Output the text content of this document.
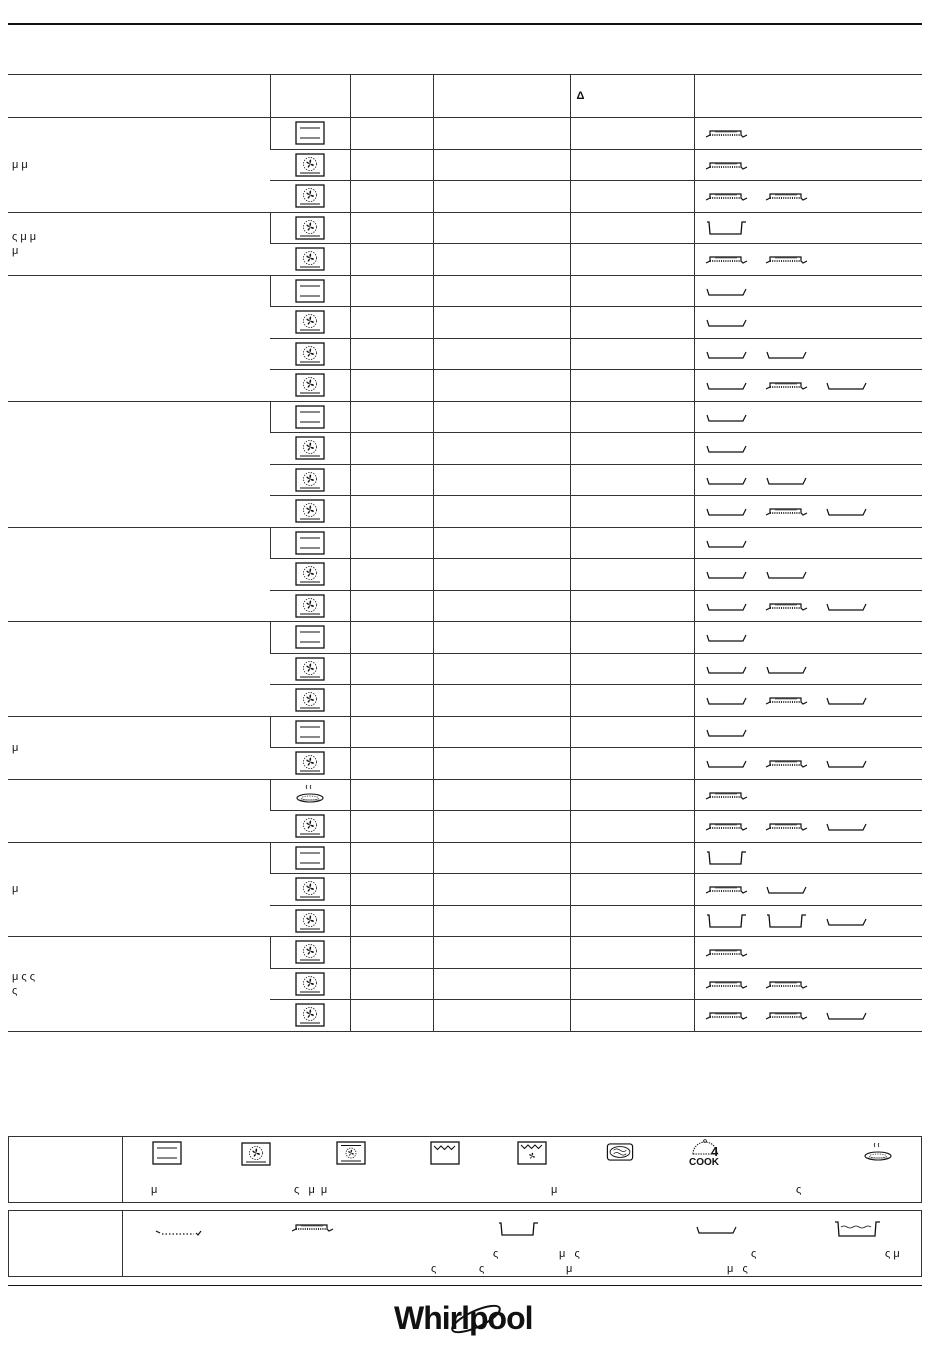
				Δ	
μ μ	

ς μ μ
μ	

μ	

μ	

μ ς ς
ς	

4
COOK
μ	ς   μ  μ	μ	ς
ς	μ   ς	ς	ς μ
ς	ς	μ	μ   ς
Whirlpool
